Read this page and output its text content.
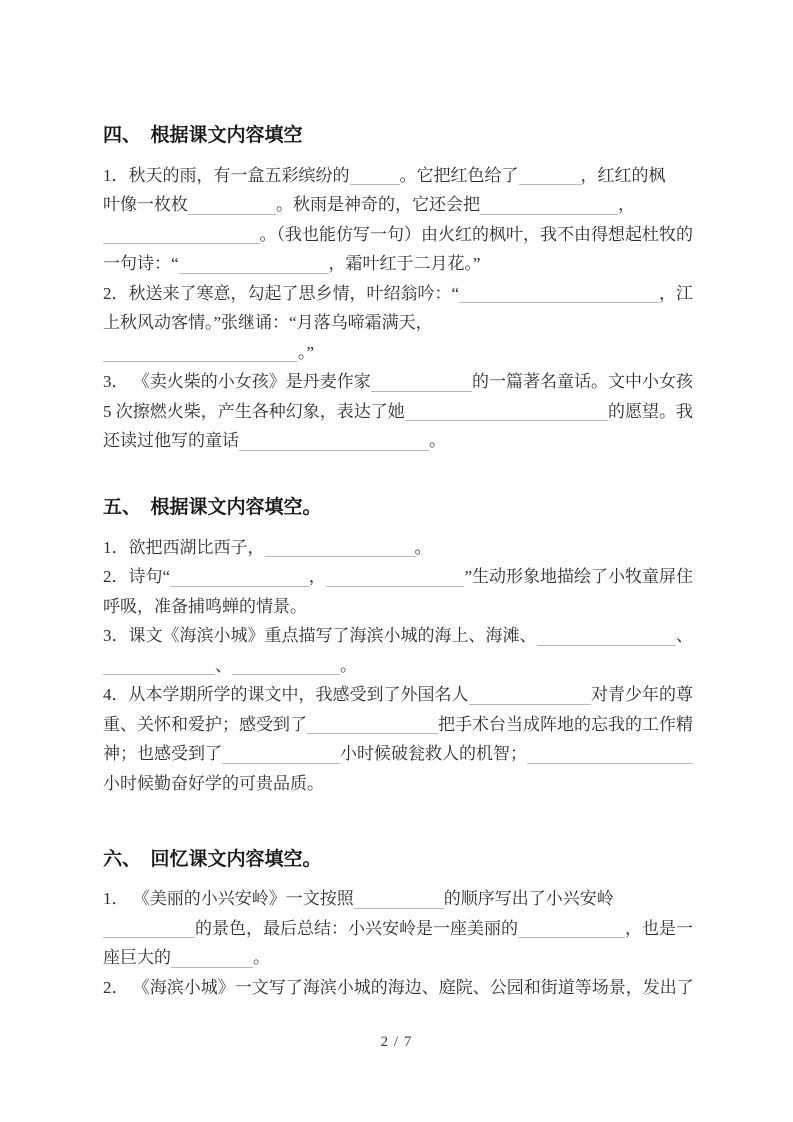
四、　根据课文内容填空
1．秋天的雨，有一盒五彩缤纷的	。它把红色给了	，红红的枫
叶像一枚枚	。秋雨是神奇的，它还会把	，
。（我也能仿写一句）由火红的枫叶，我不由得想起杜牧的
一句诗：“	，霜叶红于二月花。”
2．秋送来了寒意，勾起了思乡情，叶绍翁吟：“	，江
上秋风动客情。”张继诵：“月落乌啼霜满天，
。”
3． 《卖火柴的小女孩》是丹麦作家	的一篇著名童话。文中小女孩
5 次擦燃火柴，产生各种幻象，表达了她	的愿望。我
还读过他写的童话	。
五、　根据课文内容填空。
1．欲把西湖比西子，	。
2．诗句“	，	”生动形象地描绘了小牧童屏住
呼吸，准备捕鸣蝉的情景。
3．课文《海滨小城》重点描写了海滨小城的海上、海滩、	、
、	。
4．从本学期所学的课文中，我感受到了外国名人	对青少年的尊
重、关怀和爱护；感受到了	把手术台当成阵地的忘我的工作精
神；也感受到了	小时候破瓮救人的机智；
小时候勤奋好学的可贵品质。
六、　回忆课文内容填空。
1． 《美丽的小兴安岭》一文按照	的顺序写出了小兴安岭
的景色，最后总结：小兴安岭是一座美丽的	，也是一
座巨大的	。
2． 《海滨小城》一文写了海滨小城的海边、庭院、公园和街道等场景，发出了
2 / 7
